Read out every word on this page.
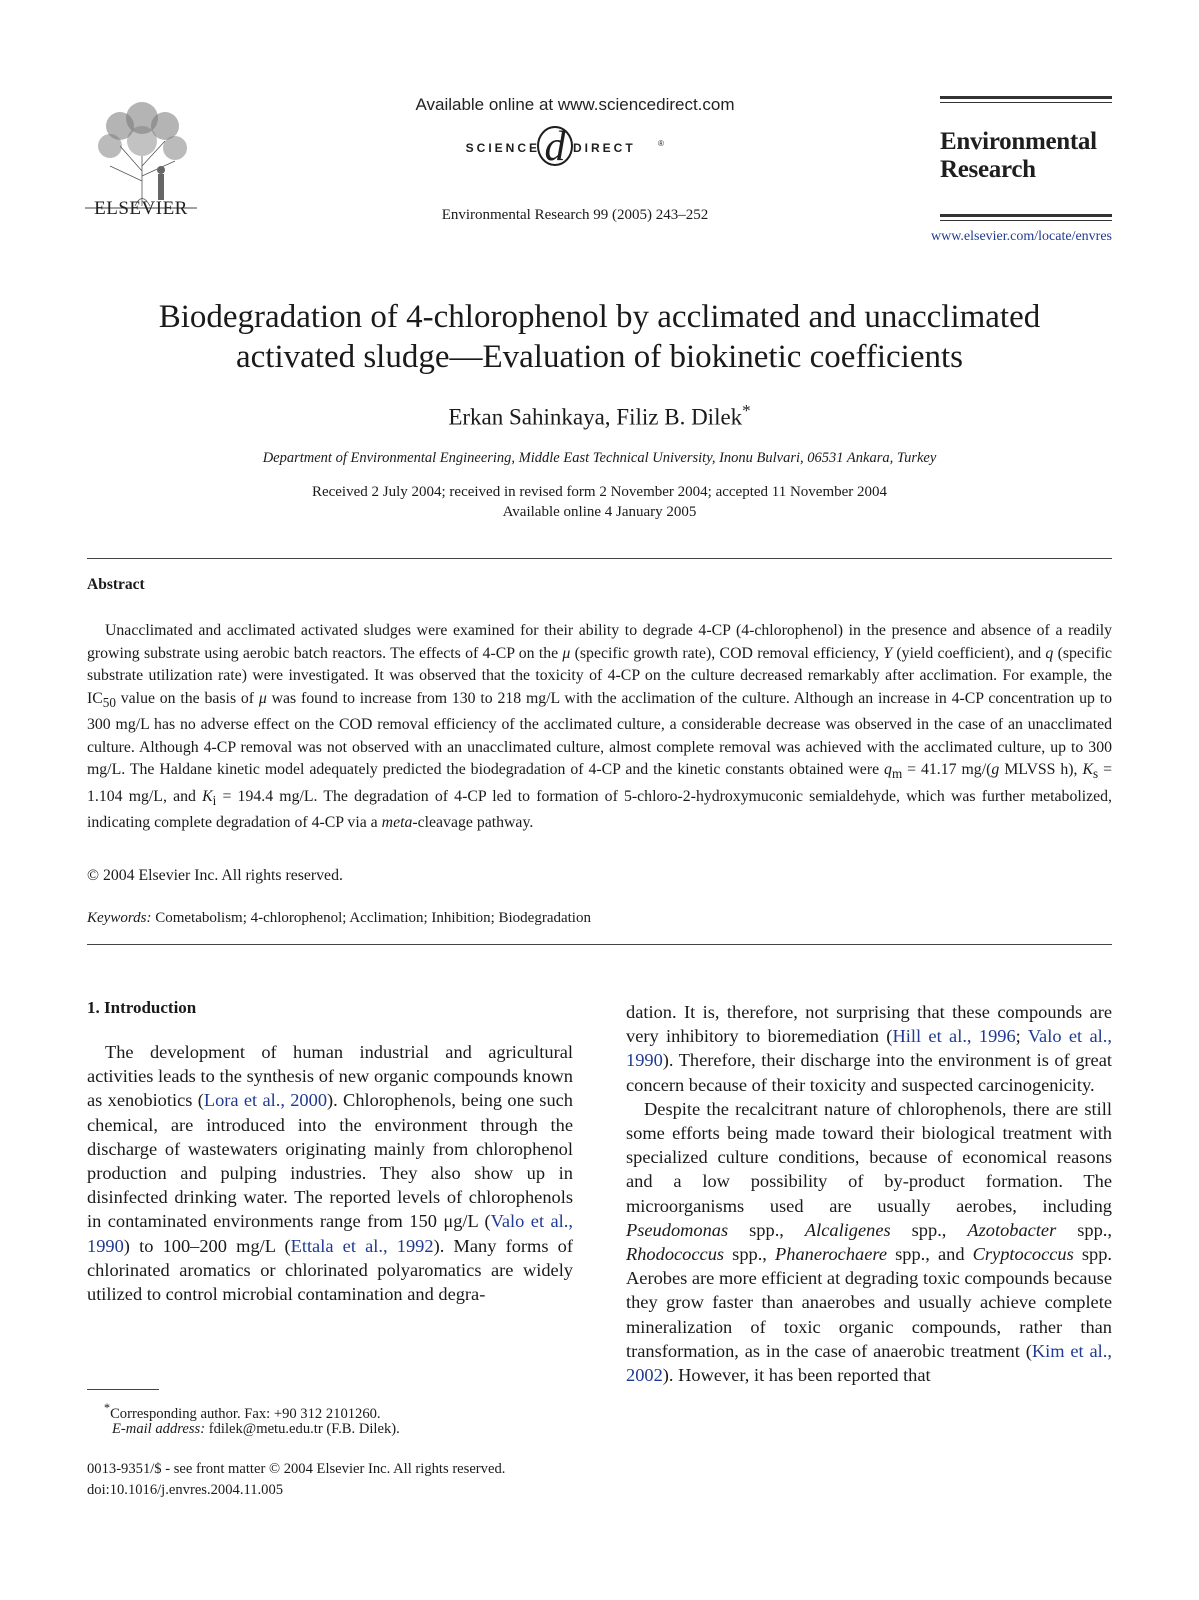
ELSEVIER
Available online at www.sciencedirect.com
SCIENCE d DIRECT	®
Environmental Research 99 (2005) 243–252
Environmental
Research
www.elsevier.com/locate/envres
Biodegradation of 4-chlorophenol by acclimated and unacclimated
activated sludge—Evaluation of biokinetic coefficients
Erkan Sahinkaya, Filiz B. Dilek*
Department of Environmental Engineering, Middle East Technical University, Inonu Bulvari, 06531 Ankara, Turkey
Received 2 July 2004; received in revised form 2 November 2004; accepted 11 November 2004
Available online 4 January 2005
Abstract
Unacclimated and acclimated activated sludges were examined for their ability to degrade 4-CP (4-chlorophenol) in the presence and absence of a readily growing substrate using aerobic batch reactors. The effects of 4-CP on the μ (specific growth rate), COD removal efficiency, Y (yield coefficient), and q (specific substrate utilization rate) were investigated. It was observed that the toxicity of 4-CP on the culture decreased remarkably after acclimation. For example, the $IC_{50}$ value on the basis of μ was found to increase from 130 to 218 mg/L with the acclimation of the culture. Although an increase in 4-CP concentration up to 300 mg/L has no adverse effect on the COD removal efficiency of the acclimated culture, a considerable decrease was observed in the case of an unacclimated culture. Although 4-CP removal was not observed with an unacclimated culture, almost complete removal was achieved with the acclimated culture, up to 300 mg/L. The Haldane kinetic model adequately predicted the biodegradation of 4-CP and the kinetic constants obtained were $q_m = 41.17$ mg/(g MLVSS h), $K_s = 1.104$ mg/L, and $K_i = 194.4$ mg/L. The degradation of 4-CP led to formation of 5-chloro-2-hydroxymuconic semialdehyde, which was further metabolized, indicating complete degradation of 4-CP via a meta-cleavage pathway.
© 2004 Elsevier Inc. All rights reserved.
Keywords: Cometabolism; 4-chlorophenol; Acclimation; Inhibition; Biodegradation
1. Introduction

The development of human industrial and agricultural activities leads to the synthesis of new organic compounds known as xenobiotics (Lora et al., 2000). Chlorophenols, being one such chemical, are introduced into the environment through the discharge of wastewaters originating mainly from chlorophenol production and pulping industries. They also show up in disinfected drinking water. The reported levels of chlorophenols in contaminated environments range from 150 μg/L (Valo et al., 1990) to 100–200 mg/L (Ettala et al., 1992). Many forms of chlorinated aromatics or chlorinated polyaromatics are widely utilized to control microbial contamination and degra-

dation. It is, therefore, not surprising that these compounds are very inhibitory to bioremediation (Hill et al., 1996; Valo et al., 1990). Therefore, their discharge into the environment is of great concern because of their toxicity and suspected carcinogenicity.

Despite the recalcitrant nature of chlorophenols, there are still some efforts being made toward their biological treatment with specialized culture conditions, because of economical reasons and a low possibility of by-product formation. The microorganisms used are usually aerobes, including Pseudomonas spp., Alcaligenes spp., Azotobacter spp., Rhodococcus spp., Phanerochaere spp., and Cryptococcus spp. Aerobes are more efficient at degrading toxic compounds because they grow faster than anaerobes and usually achieve complete mineralization of toxic organic compounds, rather than transformation, as in the case of anaerobic treatment (Kim et al., 2002). However, it has been reported that

*Corresponding author. Fax: +90 312 2101260.
E-mail address: fdilek@metu.edu.tr (F.B. Dilek).
0013-9351/$ - see front matter © 2004 Elsevier Inc. All rights reserved.
doi:10.1016/j.envres.2004.11.005
